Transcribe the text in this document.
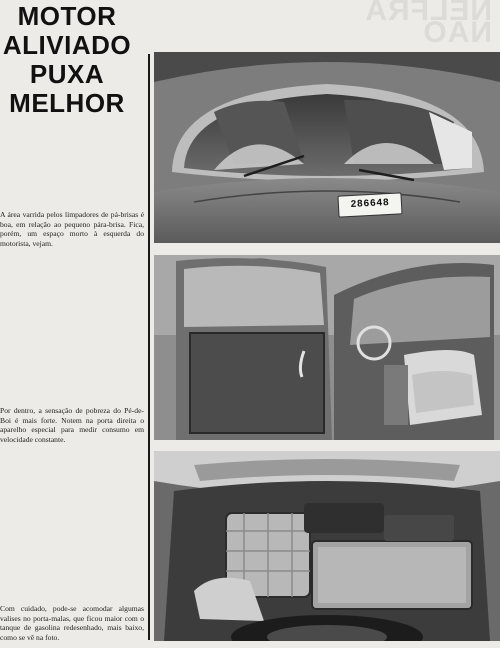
NELFRA
NAO
MOTOR
ALIVIADO
PUXA
MELHOR
A área varrida pelos limpadores de pá-brisas é boa, em relação ao pequeno pára-brisa. Fica, porém, um espaço morto à esquerda do motorista, vejam.
Por dentro, a sensação de pobreza do Pé-de-Boi é mais forte. Notem na porta direita o aparelho especial para medir consumo em velocidade constante.
Com cuidado, pode-se acomodar algumas valises no porta-malas, que ficou maior com o tanque de gasolina redesenhado, mais baixo, como se vê na foto.
286648
